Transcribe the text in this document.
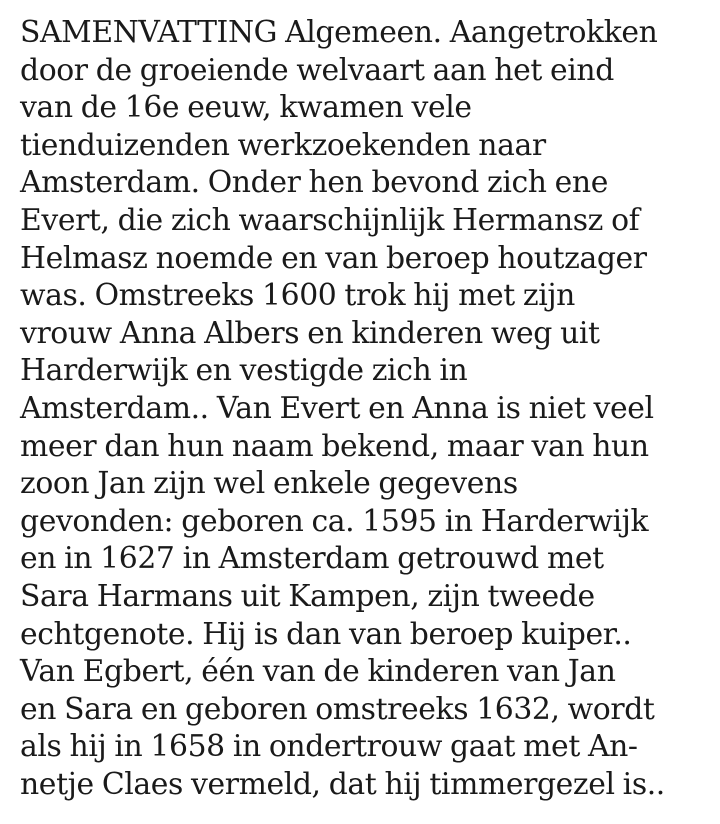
SAMENVATTING Algemeen. Aangetrokken
door de groeiende welvaart aan het eind
van de 16e eeuw, kwamen vele
tienduizenden werkzoekenden naar
Amsterdam. Onder hen bevond zich ene
Evert, die zich waarschijnlijk Hermansz of
Helmasz noemde en van beroep houtzager
was. Omstreeks 1600 trok hij met zijn
vrouw Anna Albers en kinderen weg uit
Harderwijk en vestigde zich in
Amsterdam.. Van Evert en Anna is niet veel
meer dan hun naam bekend, maar van hun
zoon Jan zijn wel enkele gegevens
gevonden: geboren ca. 1595 in Harderwijk
en in 1627 in Amsterdam getrouwd met
Sara Harmans uit Kampen, zijn tweede
echtgenote. Hij is dan van beroep kuiper..
Van Egbert, één van de kinderen van Jan
en Sara en geboren omstreeks 1632, wordt
als hij in 1658 in ondertrouw gaat met An-
netje Claes vermeld, dat hij timmergezel is..
